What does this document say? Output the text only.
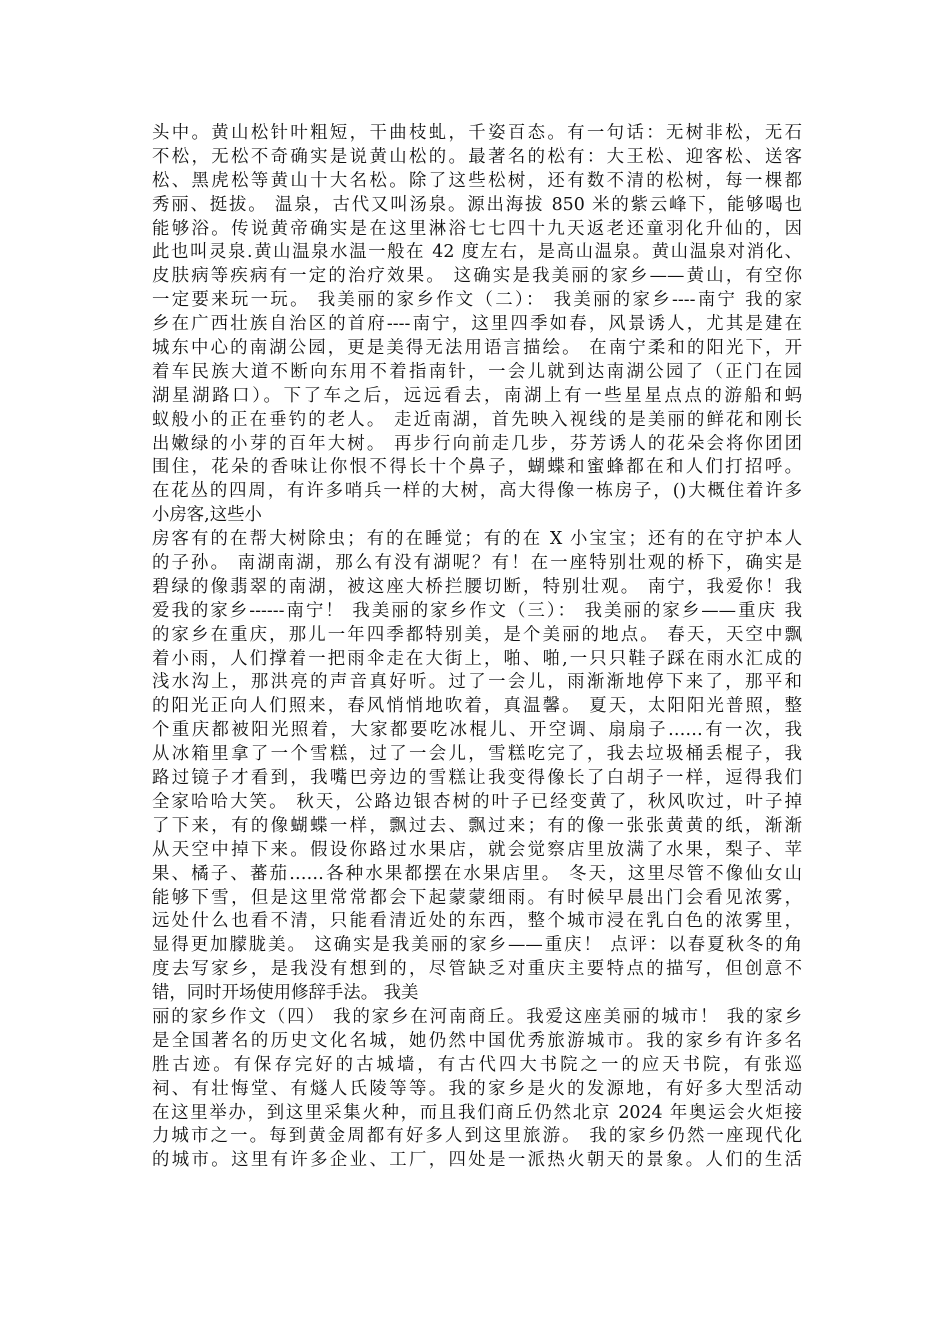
头中。黄山松针叶粗短，干曲枝虬，千姿百态。有一句话：无树非松，无石
不松，无松不奇确实是说黄山松的。最著名的松有：大王松、迎客松、送客
松、黑虎松等黄山十大名松。除了这些松树，还有数不清的松树，每一棵都
秀丽、挺拔。 温泉，古代又叫汤泉。源出海拔 850 米的紫云峰下，能够喝也
能够浴。传说黄帝确实是在这里淋浴七七四十九天返老还童羽化升仙的，因
此也叫灵泉.黄山温泉水温一般在 42 度左右，是高山温泉。黄山温泉对消化、
皮肤病等疾病有一定的治疗效果。 这确实是我美丽的家乡——黄山，有空你
一定要来玩一玩。 我美丽的家乡作文（二）： 我美丽的家乡----南宁 我的家
乡在广西壮族自治区的首府----南宁，这里四季如春，风景诱人，尤其是建在
城东中心的南湖公园，更是美得无法用语言描绘。 在南宁柔和的阳光下，开
着车民族大道不断向东用不着指南针，一会儿就到达南湖公园了（正门在园
湖星湖路口）。下了车之后，远远看去，南湖上有一些星星点点的游船和蚂
蚁般小的正在垂钓的老人。 走近南湖，首先映入视线的是美丽的鲜花和刚长
出嫩绿的小芽的百年大树。 再步行向前走几步，芬芳诱人的花朵会将你团团
围住，花朵的香味让你恨不得长十个鼻子，蝴蝶和蜜蜂都在和人们打招呼。
在花丛的四周，有许多哨兵一样的大树，高大得像一栋房子，()大概住着许多
小房客,这些小
房客有的在帮大树除虫；有的在睡觉；有的在 X 小宝宝；还有的在守护本人
的子孙。 南湖南湖，那么有没有湖呢？有！在一座特别壮观的桥下，确实是
碧绿的像翡翠的南湖，被这座大桥拦腰切断，特别壮观。 南宁，我爱你！我
爱我的家乡------南宁！ 我美丽的家乡作文（三）： 我美丽的家乡——重庆 我
的家乡在重庆，那儿一年四季都特别美，是个美丽的地点。 春天，天空中飘
着小雨，人们撑着一把雨伞走在大街上，啪、啪,一只只鞋子踩在雨水汇成的
浅水沟上，那洪亮的声音真好听。过了一会儿，雨渐渐地停下来了，那平和
的阳光正向人们照来，春风悄悄地吹着，真温馨。 夏天，太阳阳光普照，整
个重庆都被阳光照着，大家都要吃冰棍儿、开空调、扇扇子……有一次，我
从冰箱里拿了一个雪糕，过了一会儿，雪糕吃完了，我去垃圾桶丢棍子，我
路过镜子才看到，我嘴巴旁边的雪糕让我变得像长了白胡子一样，逗得我们
全家哈哈大笑。 秋天，公路边银杏树的叶子已经变黄了，秋风吹过，叶子掉
了下来，有的像蝴蝶一样，飘过去、飘过来；有的像一张张黄黄的纸，渐渐
从天空中掉下来。假设你路过水果店，就会觉察店里放满了水果，梨子、苹
果、橘子、蕃茄……各种水果都摆在水果店里。 冬天，这里尽管不像仙女山
能够下雪，但是这里常常都会下起蒙蒙细雨。有时候早晨出门会看见浓雾，
远处什么也看不清，只能看清近处的东西，整个城市浸在乳白色的浓雾里，
显得更加朦胧美。 这确实是我美丽的家乡——重庆！ 点评：以春夏秋冬的角
度去写家乡，是我没有想到的，尽管缺乏对重庆主要特点的描写，但创意不
错，同时开场使用修辞手法。 我美
丽的家乡作文（四） 我的家乡在河南商丘。我爱这座美丽的城市！ 我的家乡
是全国著名的历史文化名城，她仍然中国优秀旅游城市。我的家乡有许多名
胜古迹。有保存完好的古城墙，有古代四大书院之一的应天书院，有张巡
祠、有壮悔堂、有燧人氏陵等等。我的家乡是火的发源地，有好多大型活动
在这里举办，到这里采集火种，而且我们商丘仍然北京 2024 年奥运会火炬接
力城市之一。每到黄金周都有好多人到这里旅游。 我的家乡仍然一座现代化
的城市。这里有许多企业、工厂，四处是一派热火朝天的景象。人们的生活
